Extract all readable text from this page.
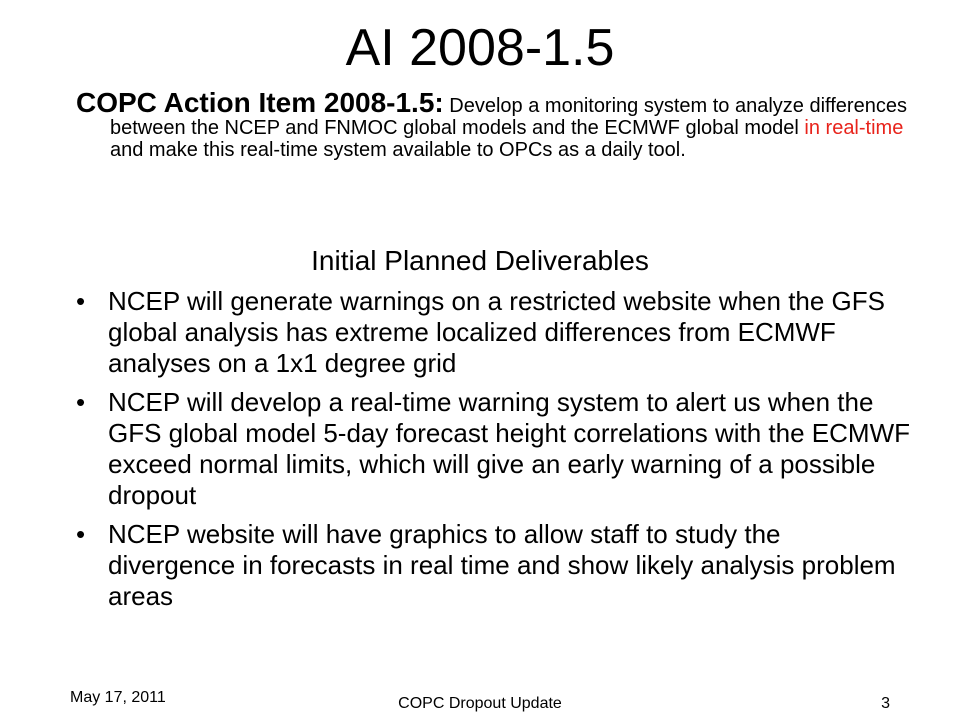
AI 2008-1.5
COPC Action Item 2008-1.5: Develop a monitoring system to analyze differences between the NCEP and FNMOC global models and the ECMWF global model in real-time and make this real-time system available to OPCs as a daily tool.
Initial Planned Deliverables
• NCEP will generate warnings on a restricted website when the GFS global analysis has extreme localized differences from ECMWF analyses on a 1x1 degree grid
• NCEP will develop a real-time warning system to alert us when the GFS global model 5-day forecast height correlations with the ECMWF exceed normal limits, which will give an early warning of a possible dropout
• NCEP website will have graphics to allow staff to study the divergence in forecasts in real time and show likely analysis problem areas
May 17, 2011	COPC Dropout Update	3
